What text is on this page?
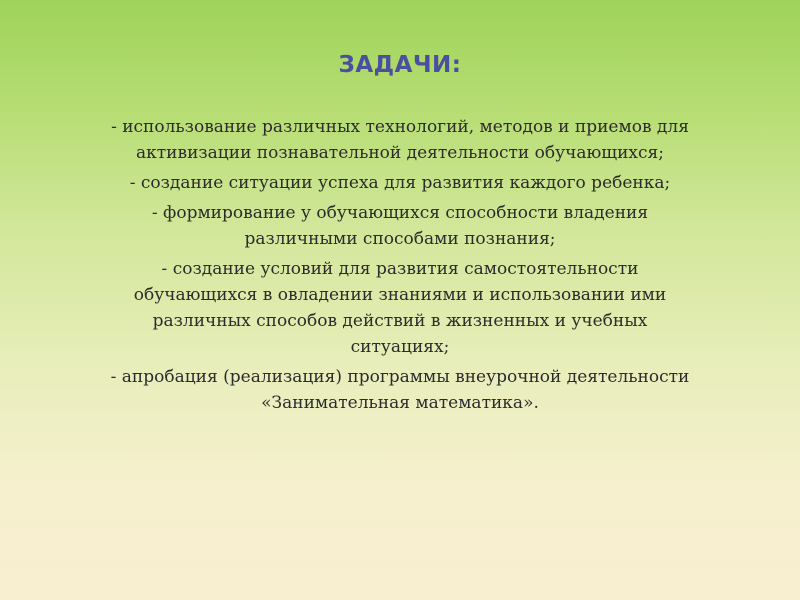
ЗАДАЧИ:

- использование различных технологий, методов и приемов для активизации познавательной деятельности обучающихся;

- создание ситуации успеха для развития каждого ребенка;

- формирование у обучающихся способности владения различными способами познания;

- создание условий для развития самостоятельности обучающихся в овладении знаниями и использовании ими различных способов действий в жизненных и учебных ситуациях;

- апробация (реализация) программы внеурочной деятельности «Занимательная математика».
